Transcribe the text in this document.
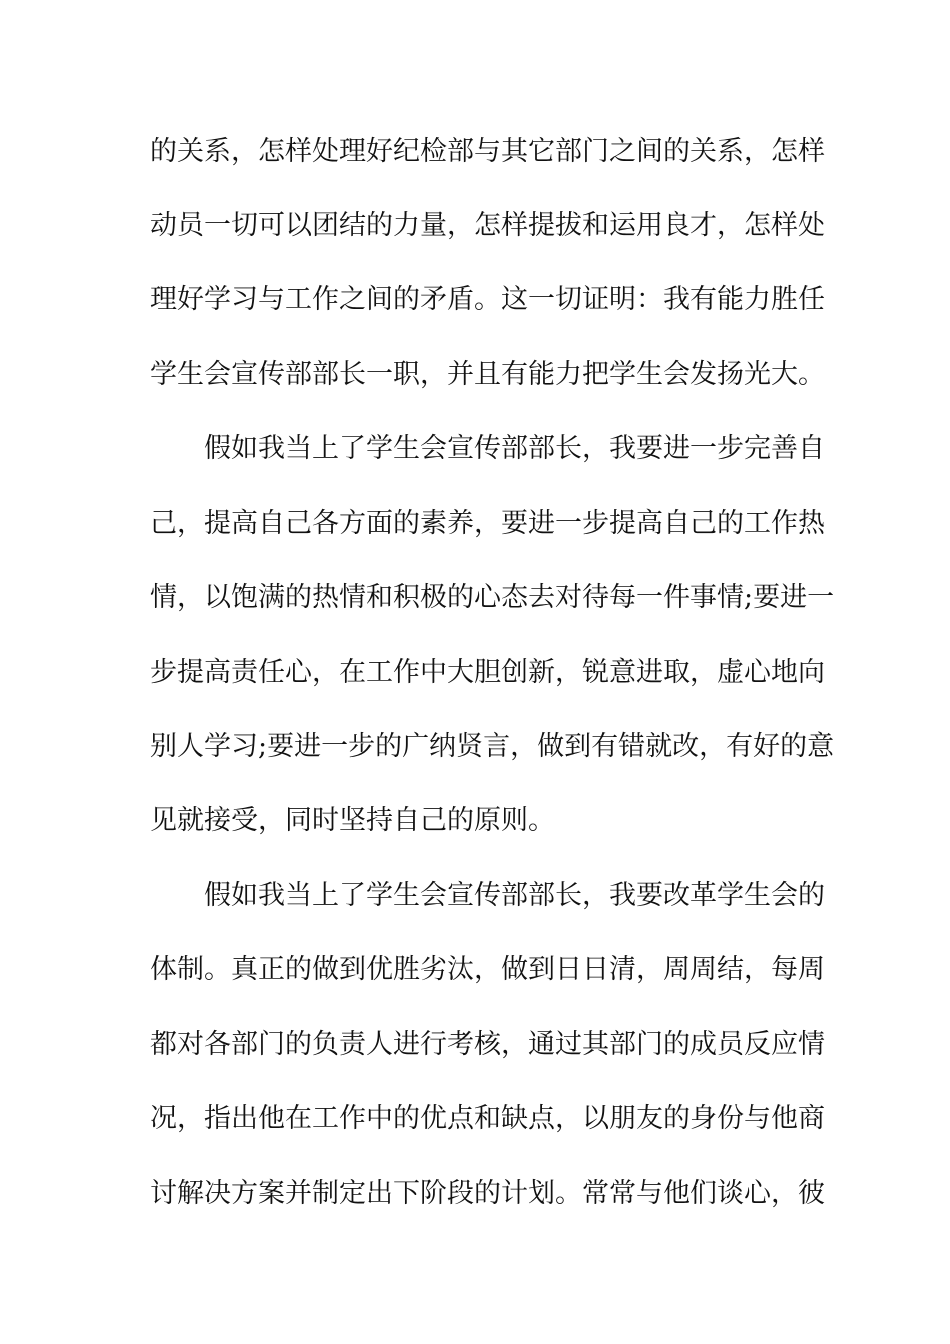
的关系，怎样处理好纪检部与其它部门之间的关系，怎样

动员一切可以团结的力量，怎样提拔和运用良才，怎样处

理好学习与工作之间的矛盾。这一切证明：我有能力胜任

学生会宣传部部长一职，并且有能力把学生会发扬光大。

假如我当上了学生会宣传部部长，我要进一步完善自

己，提高自己各方面的素养，要进一步提高自己的工作热

情，以饱满的热情和积极的心态去对待每一件事情;要进一

步提高责任心，在工作中大胆创新，锐意进取，虚心地向

别人学习;要进一步的广纳贤言，做到有错就改，有好的意

见就接受，同时坚持自己的原则。

假如我当上了学生会宣传部部长，我要改革学生会的

体制。真正的做到优胜劣汰，做到日日清，周周结，每周

都对各部门的负责人进行考核，通过其部门的成员反应情

况，指出他在工作中的优点和缺点，以朋友的身份与他商

讨解决方案并制定出下阶段的计划。常常与他们谈心，彼
